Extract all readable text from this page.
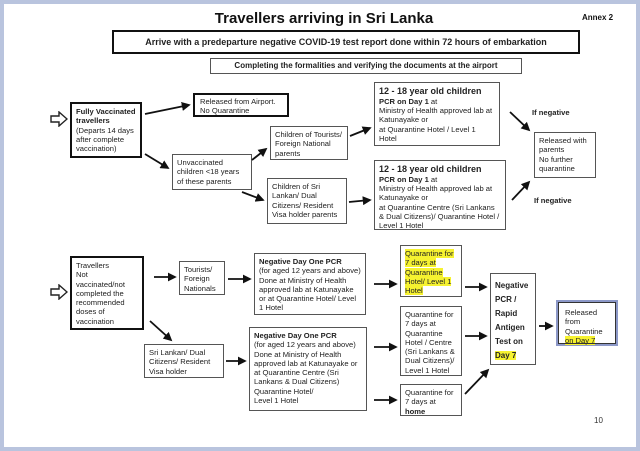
Travellers arriving in Sri Lanka	Annex 2
Arrive with a predeparture negative COVID-19 test report done within 72 hours of embarkation
Completing the formalities and verifying the documents at the airport
Fully Vaccinated travellers
(Departs 14 days after complete vaccination)
Released from Airport.
No Quarantine
Unvaccinated children <18 years of these parents
Children of Tourists/ Foreign National parents
Children of Sri Lankan/ Dual Citizens/ Resident Visa holder parents
12 - 18 year old children
PCR on Day 1 at
Ministry of Health approved lab at Katunayake or
at Quarantine Hotel / Level 1 Hotel
12 - 18 year old children
PCR on Day 1 at
Ministry of Health approved lab at Katunayake or
at Quarantine Centre (Sri Lankans & Dual Citizens)/ Quarantine Hotel / Level 1 Hotel
If negative
If negative
Released with parents
No further quarantine
Travellers
Not vaccinated/not completed the recommended doses of vaccination
Tourists/ Foreign Nationals
Sri Lankan/ Dual Citizens/ Resident Visa holder
Negative Day One PCR
(for aged 12 years and above)
Done at Ministry of Health approved lab at Katunayake or at Quarantine Hotel/ Level 1 Hotel
Negative Day One PCR
(for aged 12 years and above)
Done at Ministry of Health approved lab at Katunayake or at Quarantine Centre (Sri Lankans & Dual Citizens)
Quarantine Hotel/
Level 1 Hotel
Quarantine for 7 days at Quarantine Hotel/ Level 1 Hotel
Quarantine for 7 days at Quarantine Hotel / Centre (Sri Lankans & Dual Citizens)/ Level 1 Hotel
Quarantine for 7 days at
home
Negative PCR / Rapid Antigen Test on
Day 7
Released from Quarantine
on Day 7
10
